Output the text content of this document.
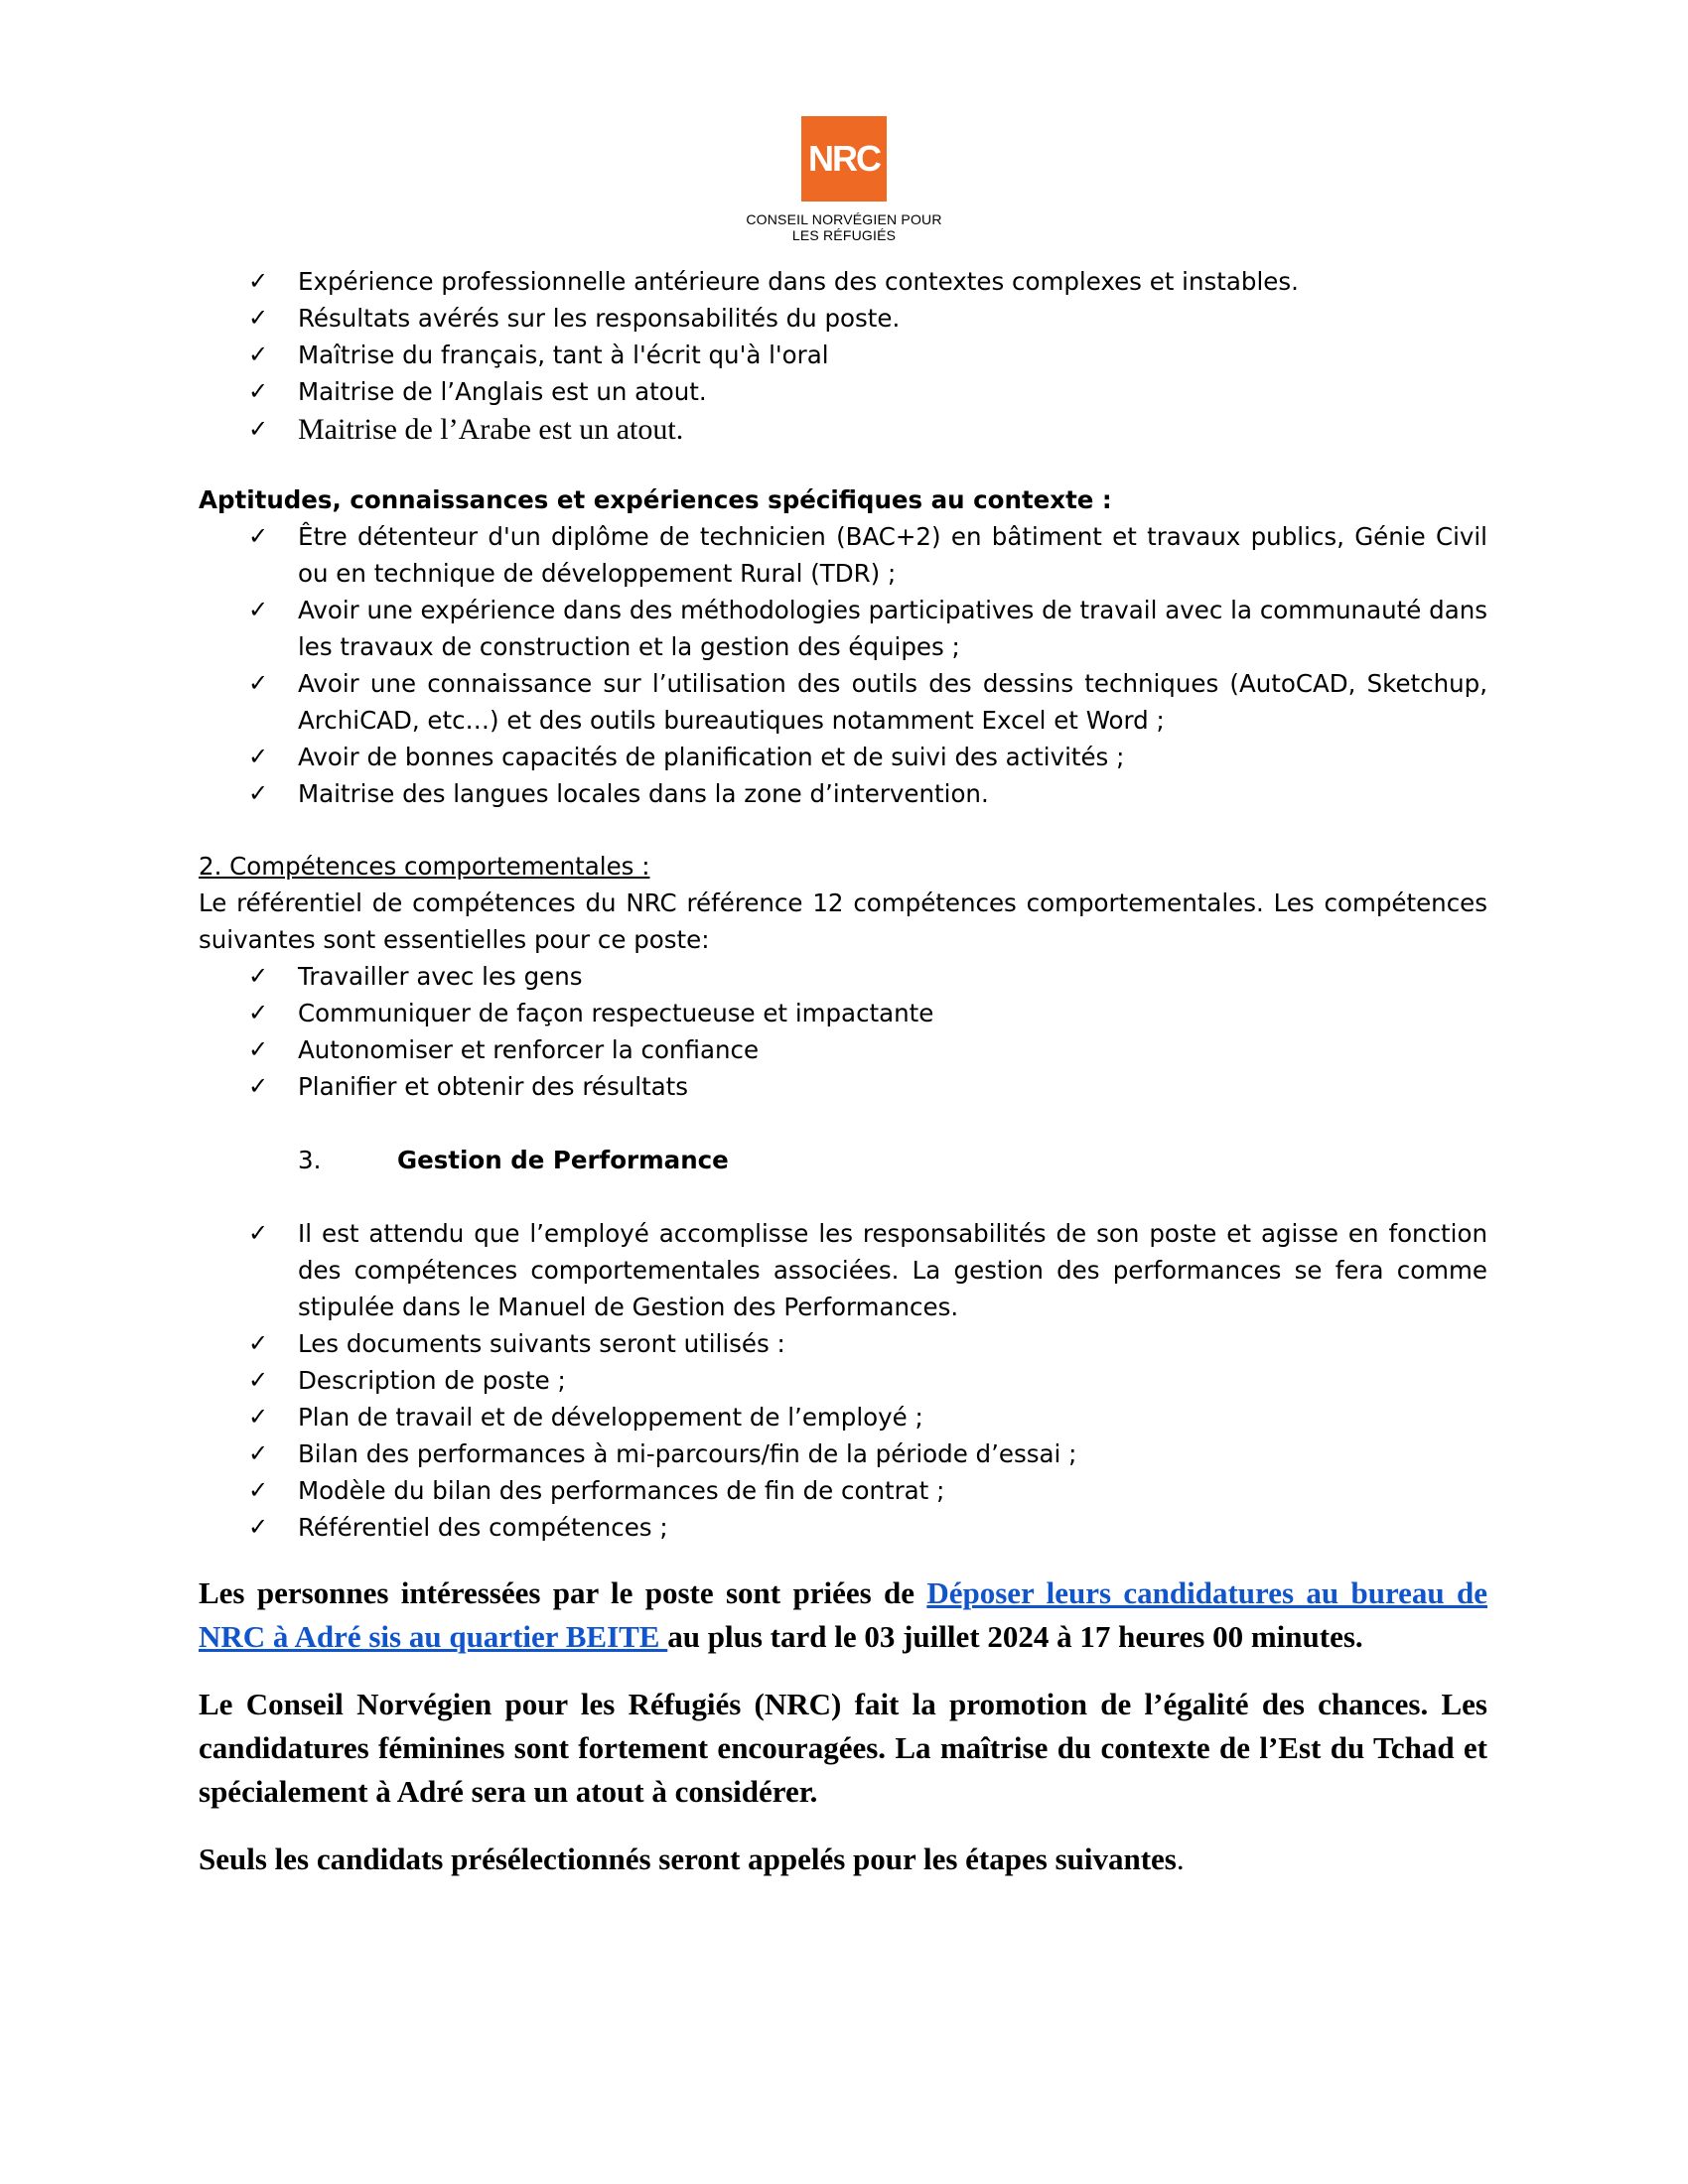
NRC
CONSEIL NORVÉGIEN POUR
LES RÉFUGIÉS
✓	Expérience professionnelle antérieure dans des contextes complexes et instables.
✓	Résultats avérés sur les responsabilités du poste.
✓	Maîtrise du français, tant à l'écrit qu'à l'oral
✓	Maitrise de l’Anglais est un atout.
✓ Maitrise de l’Arabe est un atout.
Aptitudes, connaissances et expériences spécifiques au contexte :
✓	Être détenteur d'un diplôme de technicien (BAC+2) en bâtiment et travaux publics, Génie Civil ou en technique de développement Rural (TDR) ;
✓	Avoir une expérience dans des méthodologies participatives de travail avec la communauté dans les travaux de construction et la gestion des équipes ;
✓	Avoir une connaissance sur l’utilisation des outils des dessins techniques (AutoCAD, Sketchup, ArchiCAD, etc…) et des outils bureautiques notamment Excel et Word ;
✓	Avoir de bonnes capacités de planification et de suivi des activités ;
✓	Maitrise des langues locales dans la zone d’intervention.
2. Compétences comportementales :
Le référentiel de compétences du NRC référence 12 compétences comportementales. Les compétences suivantes sont essentielles pour ce poste:
✓	Travailler avec les gens
✓	Communiquer de façon respectueuse et impactante
✓	Autonomiser et renforcer la confiance
✓	Planifier et obtenir des résultats
3.	Gestion de Performance
✓	Il est attendu que l’employé accomplisse les responsabilités de son poste et agisse en fonction des compétences comportementales associées. La gestion des performances se fera comme stipulée dans le Manuel de Gestion des Performances.
✓	Les documents suivants seront utilisés :
✓	Description de poste ;
✓	Plan de travail et de développement de l’employé ;
✓	Bilan des performances à mi-parcours/fin de la période d’essai ;
✓	Modèle du bilan des performances de fin de contrat ;
✓	Référentiel des compétences ;
Les personnes intéressées par le poste sont priées de Déposer leurs candidatures au bureau de NRC à Adré sis au quartier BEITE au plus tard le 03 juillet 2024 à 17 heures 00 minutes.
Le Conseil Norvégien pour les Réfugiés (NRC) fait la promotion de l’égalité des chances. Les candidatures féminines sont fortement encouragées. La maîtrise du contexte de l’Est du Tchad et spécialement à Adré sera un atout à considérer.
Seuls les candidats présélectionnés seront appelés pour les étapes suivantes.
